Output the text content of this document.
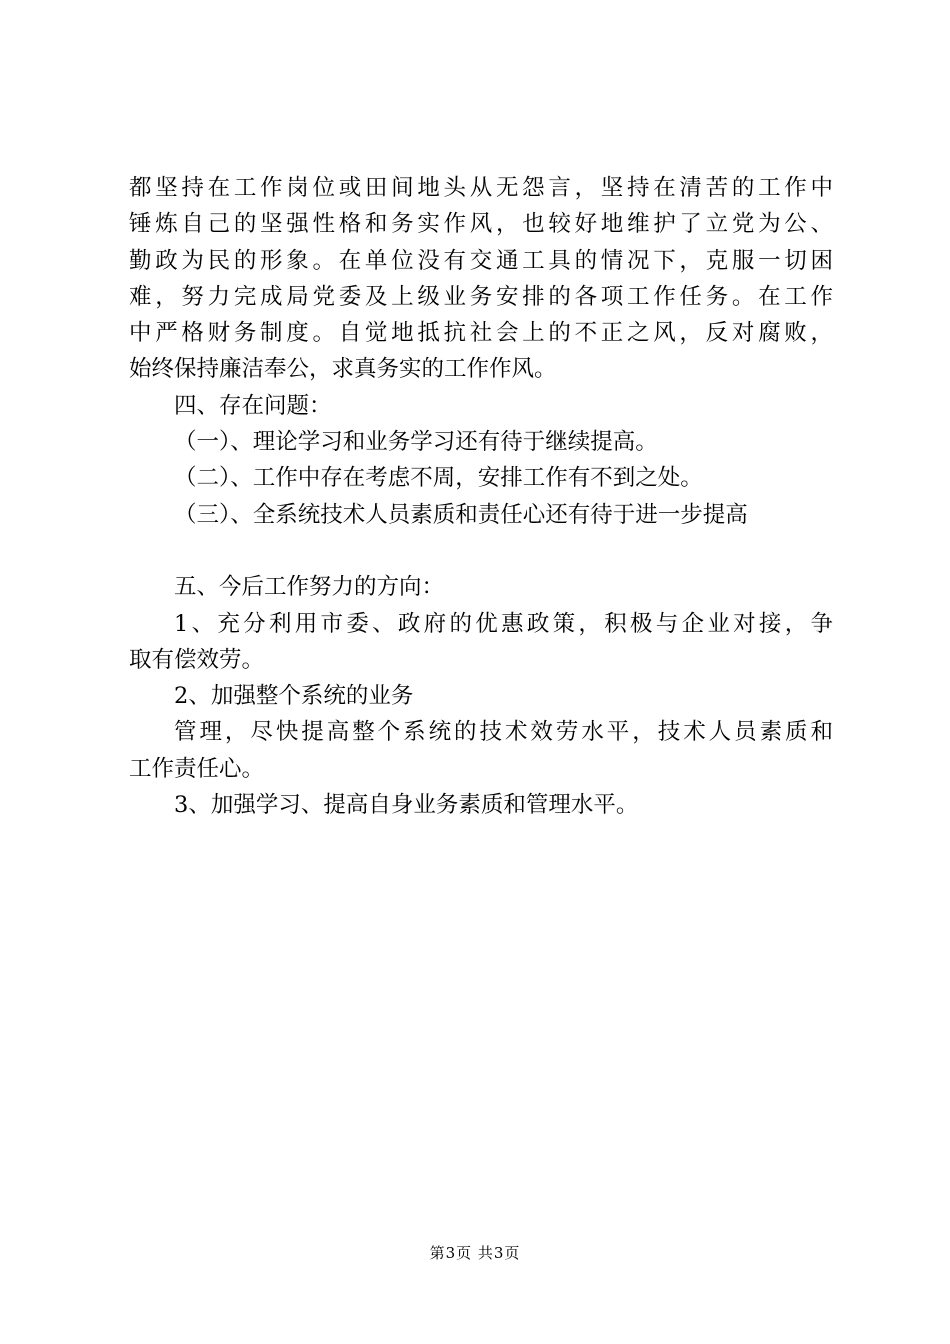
都坚持在工作岗位或田间地头从无怨言，坚持在清苦的工作中
锤炼自己的坚强性格和务实作风，也较好地维护了立党为公、
勤政为民的形象。在单位没有交通工具的情况下，克服一切困
难，努力完成局党委及上级业务安排的各项工作任务。在工作
中严格财务制度。自觉地抵抗社会上的不正之风，反对腐败，
始终保持廉洁奉公，求真务实的工作作风。
四、存在问题：
（一）、理论学习和业务学习还有待于继续提高。
（二）、工作中存在考虑不周，安排工作有不到之处。
（三）、全系统技术人员素质和责任心还有待于进一步提高
五、今后工作努力的方向：
1、充分利用市委、政府的优惠政策，积极与企业对接，争
取有偿效劳。
2、加强整个系统的业务
管理，尽快提高整个系统的技术效劳水平，技术人员素质和
工作责任心。
3、加强学习、提高自身业务素质和管理水平。
第3页 共3页
